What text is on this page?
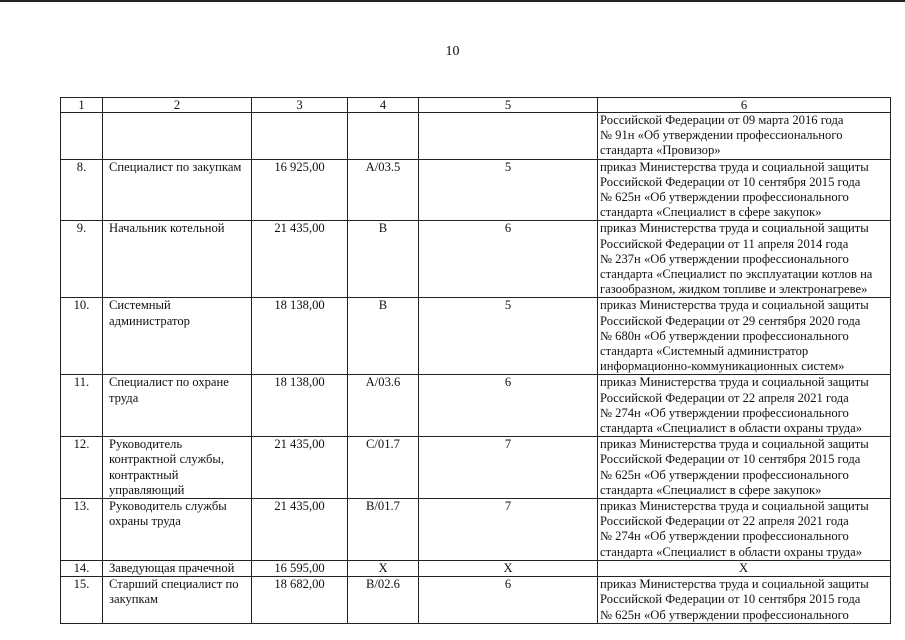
10
1	2	3	4	5	6

					Российской Федерации от 09 марта 2016 года
№ 91н «Об утверждении профессионального
стандарта «Провизор»

8.	Специалист по закупкам	16 925,00	А/03.5	5	приказ Министерства труда и социальной защиты
Российской Федерации от 10 сентября 2015 года
№ 625н «Об утверждении профессионального
стандарта «Специалист в сфере закупок»

9.	Начальник котельной	21 435,00	В	6	приказ Министерства труда и социальной защиты
Российской Федерации от 11 апреля 2014 года
№ 237н «Об утверждении профессионального
стандарта «Специалист по эксплуатации котлов на
газообразном, жидком топливе и электронагреве»

10.	Системный администратор	18 138,00	В	5	приказ Министерства труда и социальной защиты
Российской Федерации от 29 сентября 2020 года
№ 680н «Об утверждении профессионального
стандарта «Системный администратор
информационно-коммуникационных систем»

11.	Специалист по охране труда	18 138,00	А/03.6	6	приказ Министерства труда и социальной защиты
Российской Федерации от 22 апреля 2021 года
№ 274н «Об утверждении профессионального
стандарта «Специалист в области охраны труда»

12.	Руководитель контрактной службы, контрактный управляющий	21 435,00	С/01.7	7	приказ Министерства труда и социальной защиты
Российской Федерации от 10 сентября 2015 года
№ 625н «Об утверждении профессионального
стандарта «Специалист в сфере закупок»

13.	Руководитель службы охраны труда	21 435,00	В/01.7	7	приказ Министерства труда и социальной защиты
Российской Федерации от 22 апреля 2021 года
№ 274н «Об утверждении профессионального
стандарта «Специалист в области охраны труда»

14.	Заведующая прачечной	16 595,00	Х	Х	Х

15.	Старший специалист по закупкам	18 682,00	В/02.6	6	приказ Министерства труда и социальной защиты
Российской Федерации от 10 сентября 2015 года
№ 625н «Об утверждении профессионального
